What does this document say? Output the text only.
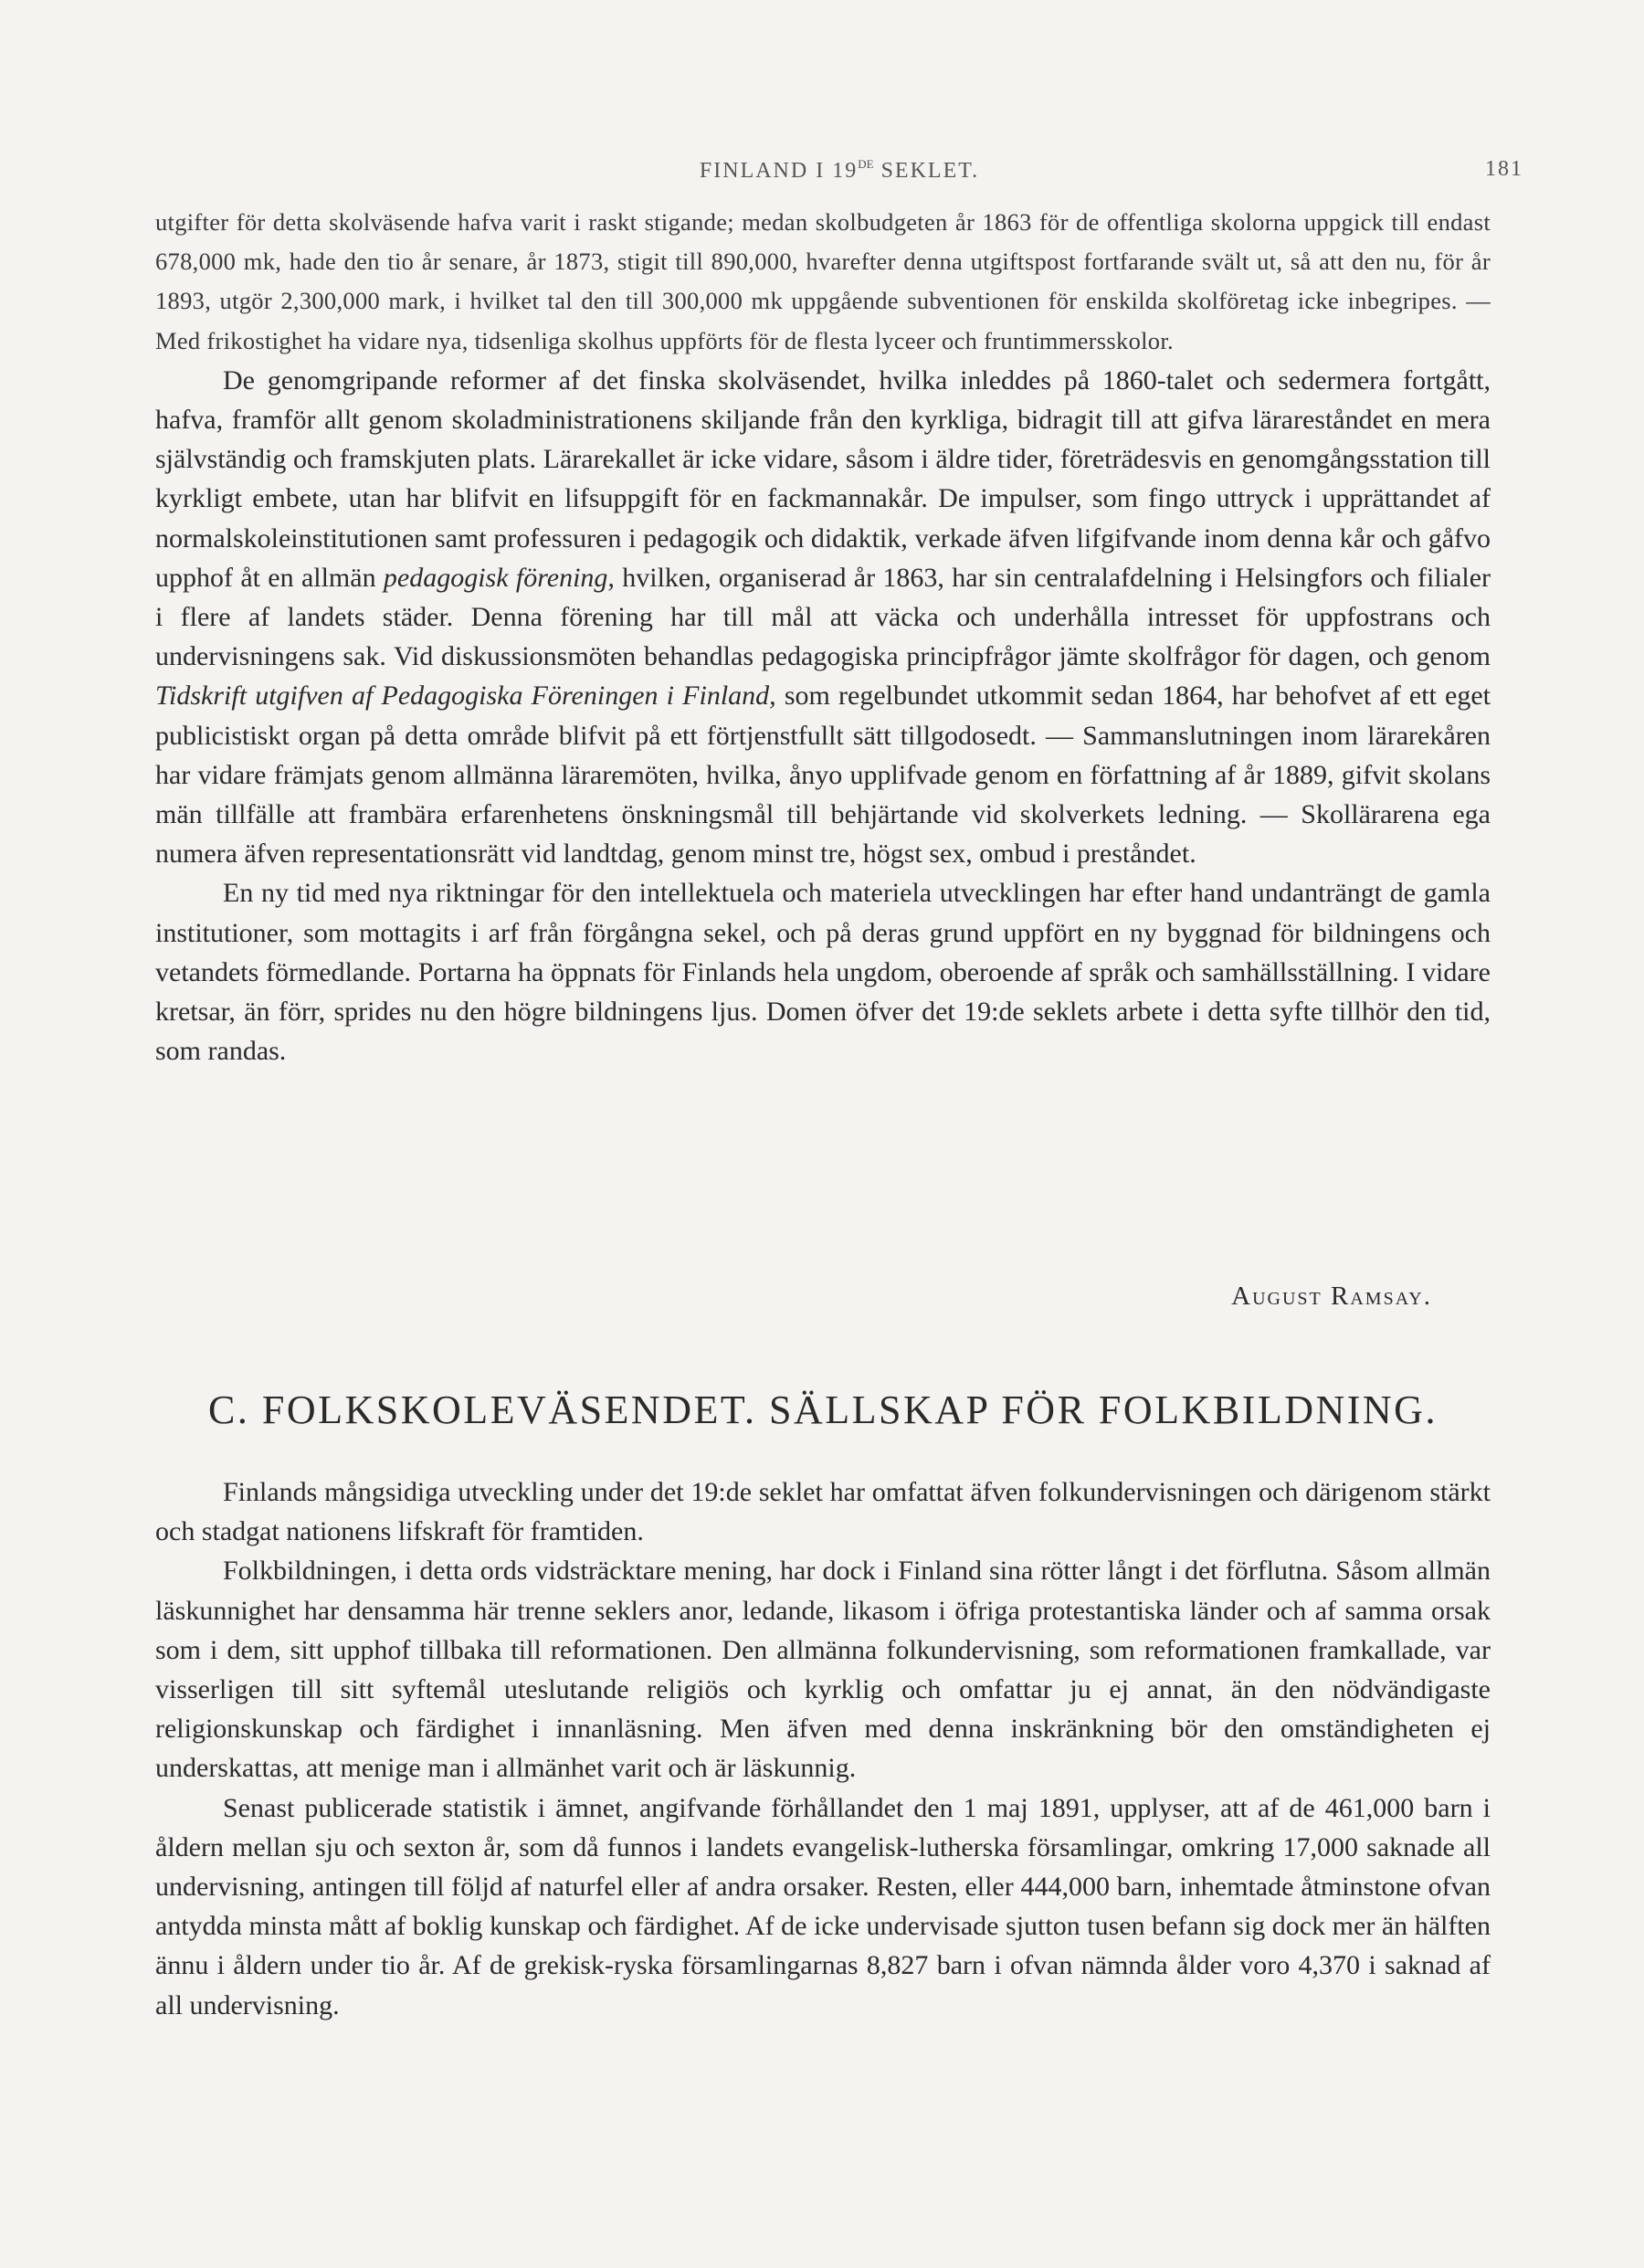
FINLAND I 19DE SEKLET.	181

utgifter för detta skolväsende hafva varit i raskt stigande; medan skolbudgeten år 1863 för de offentliga skolorna uppgick till endast 678,000 mk, hade den tio år senare, år 1873, stigit till 890,000, hvarefter denna utgiftspost fortfarande svält ut, så att den nu, för år 1893, utgör 2,300,000 mark, i hvilket tal den till 300,000 mk uppgående subventionen för enskilda skolföretag icke inbegripes. — Med frikostighet ha vidare nya, tidsenliga skolhus uppförts för de flesta lyceer och fruntimmersskolor.

De genomgripande reformer af det finska skolväsendet, hvilka inleddes på 1860-talet och sedermera fortgått, hafva, framför allt genom skoladministrationens skiljande från den kyrkliga, bidragit till att gifva lärareståndet en mera självständig och framskjuten plats. Lärarekallet är icke vidare, såsom i äldre tider, företrädesvis en genomgångsstation till kyrkligt embete, utan har blifvit en lifsuppgift för en fackmannakår. De impulser, som fingo uttryck i upprättandet af normalskoleinstitutionen samt professuren i pedagogik och didaktik, verkade äfven lifgifvande inom denna kår och gåfvo upphof åt en allmän pedagogisk förening, hvilken, organiserad år 1863, har sin centralafdelning i Helsingfors och filialer i flere af landets städer. Denna förening har till mål att väcka och underhålla intresset för uppfostrans och undervisningens sak. Vid diskussionsmöten behandlas pedagogiska principfrågor jämte skolfrågor för dagen, och genom Tidskrift utgifven af Pedagogiska Föreningen i Finland, som regelbundet utkommit sedan 1864, har behofvet af ett eget publicistiskt organ på detta område blifvit på ett förtjenstfullt sätt tillgodosedt. — Sammanslutningen inom lärarekåren har vidare främjats genom allmänna läraremöten, hvilka, ånyo upplifvade genom en författning af år 1889, gifvit skolans män tillfälle att frambära erfarenhetens önskningsmål till behjärtande vid skolverkets ledning. — Skollärarena ega numera äfven representationsrätt vid landtdag, genom minst tre, högst sex, ombud i preståndet.

En ny tid med nya riktningar för den intellektuela och materiela utvecklingen har efter hand undanträngt de gamla institutioner, som mottagits i arf från förgångna sekel, och på deras grund uppfört en ny byggnad för bildningens och vetandets förmedlande. Portarna ha öppnats för Finlands hela ungdom, oberoende af språk och samhällsställning. I vidare kretsar, än förr, sprides nu den högre bildningens ljus. Domen öfver det 19:de seklets arbete i detta syfte tillhör den tid, som randas.

August Ramsay.
C. FOLKSKOLEVÄSENDET. SÄLLSKAP FÖR FOLKBILDNING.

Finlands mångsidiga utveckling under det 19:de seklet har omfattat äfven folkundervisningen och därigenom stärkt och stadgat nationens lifskraft för framtiden.

Folkbildningen, i detta ords vidsträcktare mening, har dock i Finland sina rötter långt i det förflutna. Såsom allmän läskunnighet har densamma här trenne seklers anor, ledande, likasom i öfriga protestantiska länder och af samma orsak som i dem, sitt upphof tillbaka till reformationen. Den allmänna folkundervisning, som reformationen framkallade, var visserligen till sitt syftemål uteslutande religiös och kyrklig och omfattar ju ej annat, än den nödvändigaste religionskunskap och färdighet i innanläsning. Men äfven med denna inskränkning bör den omständigheten ej underskattas, att menige man i allmänhet varit och är läskunnig.

Senast publicerade statistik i ämnet, angifvande förhållandet den 1 maj 1891, upplyser, att af de 461,000 barn i åldern mellan sju och sexton år, som då funnos i landets evangelisk-lutherska församlingar, omkring 17,000 saknade all undervisning, antingen till följd af naturfel eller af andra orsaker. Resten, eller 444,000 barn, inhemtade åtminstone ofvan antydda minsta mått af boklig kunskap och färdighet. Af de icke undervisade sjutton tusen befann sig dock mer än hälften ännu i åldern under tio år. Af de grekisk-ryska församlingarnas 8,827 barn i ofvan nämnda ålder voro 4,370 i saknad af all undervisning.
